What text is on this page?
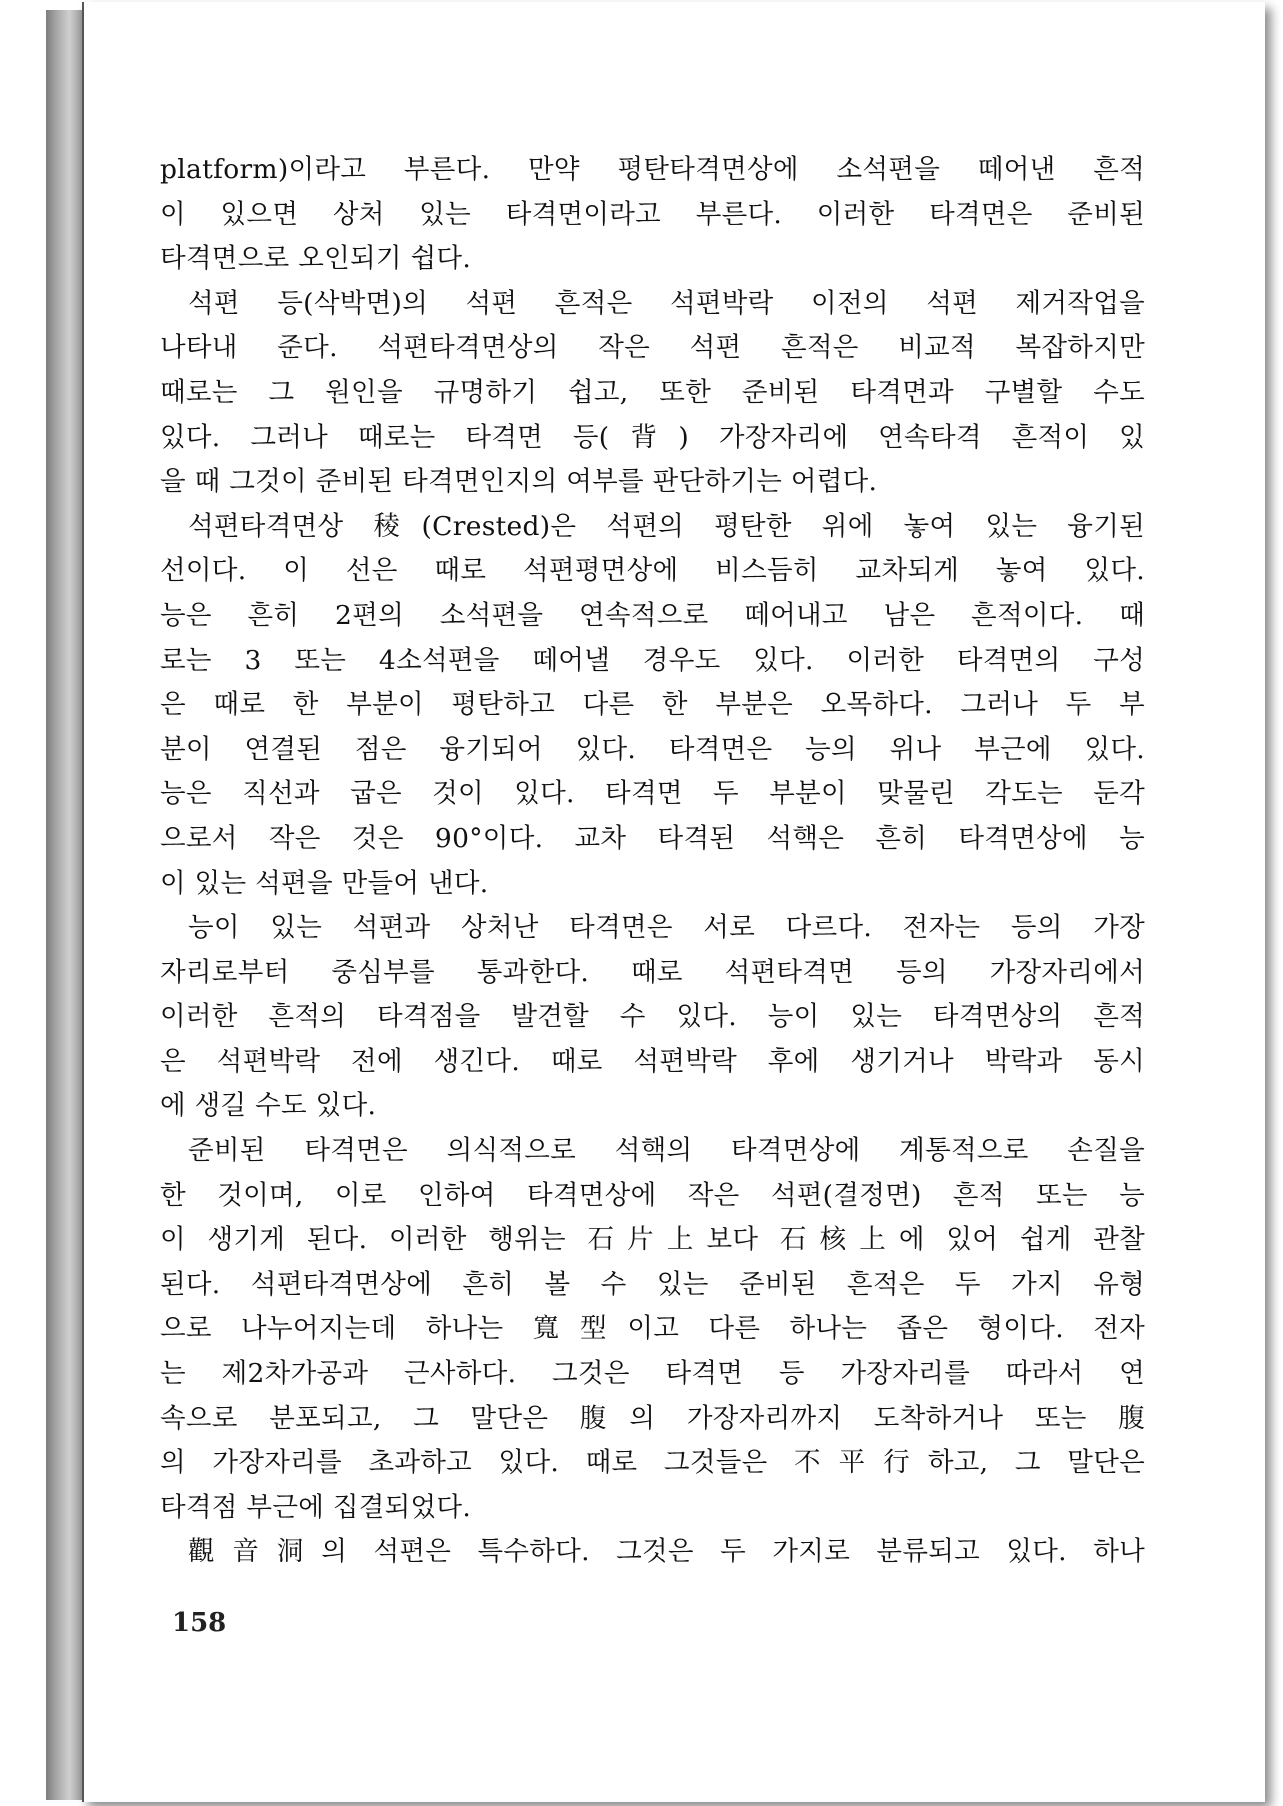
platform)이라고 부른다. 만약 평탄타격면상에 소석편을 떼어낸 흔적
이 있으면 상처 있는 타격면이라고 부른다. 이러한 타격면은 준비된
타격면으로 오인되기 쉽다.
석편 등(삭박면)의 석편 흔적은 석편박락 이전의 석편 제거작업을
나타내 준다. 석편타격면상의 작은 석편 흔적은 비교적 복잡하지만
때로는 그 원인을 규명하기 쉽고, 또한 준비된 타격면과 구별할 수도
있다. 그러나 때로는 타격면 등(背) 가장자리에 연속타격 흔적이 있
을 때 그것이 준비된 타격면인지의 여부를 판단하기는 어렵다.
석편타격면상 稜(Crested)은 석편의 평탄한 위에 놓여 있는 융기된
선이다. 이 선은 때로 석편평면상에 비스듬히 교차되게 놓여 있다.
능은 흔히 2편의 소석편을 연속적으로 떼어내고 남은 흔적이다. 때
로는 3 또는 4소석편을 떼어낼 경우도 있다. 이러한 타격면의 구성
은 때로 한 부분이 평탄하고 다른 한 부분은 오목하다. 그러나 두 부
분이 연결된 점은 융기되어 있다. 타격면은 능의 위나 부근에 있다.
능은 직선과 굽은 것이 있다. 타격면 두 부분이 맞물린 각도는 둔각
으로서 작은 것은 90°이다. 교차 타격된 석핵은 흔히 타격면상에 능
이 있는 석편을 만들어 낸다.
능이 있는 석편과 상처난 타격면은 서로 다르다. 전자는 등의 가장
자리로부터 중심부를 통과한다. 때로 석편타격면 등의 가장자리에서
이러한 흔적의 타격점을 발견할 수 있다. 능이 있는 타격면상의 흔적
은 석편박락 전에 생긴다. 때로 석편박락 후에 생기거나 박락과 동시
에 생길 수도 있다.
준비된 타격면은 의식적으로 석핵의 타격면상에 계통적으로 손질을
한 것이며, 이로 인하여 타격면상에 작은 석편(결정면) 흔적 또는 능
이 생기게 된다. 이러한 행위는 石片上보다 石核上에 있어 쉽게 관찰
된다. 석편타격면상에 흔히 볼 수 있는 준비된 흔적은 두 가지 유형
으로 나누어지는데 하나는 寬型이고 다른 하나는 좁은 형이다. 전자
는 제2차가공과 근사하다. 그것은 타격면 등 가장자리를 따라서 연
속으로 분포되고, 그 말단은 腹의 가장자리까지 도착하거나 또는 腹
의 가장자리를 초과하고 있다. 때로 그것들은 不平行하고, 그 말단은
타격점 부근에 집결되었다.
觀音洞의 석편은 특수하다. 그것은 두 가지로 분류되고 있다. 하나
158
